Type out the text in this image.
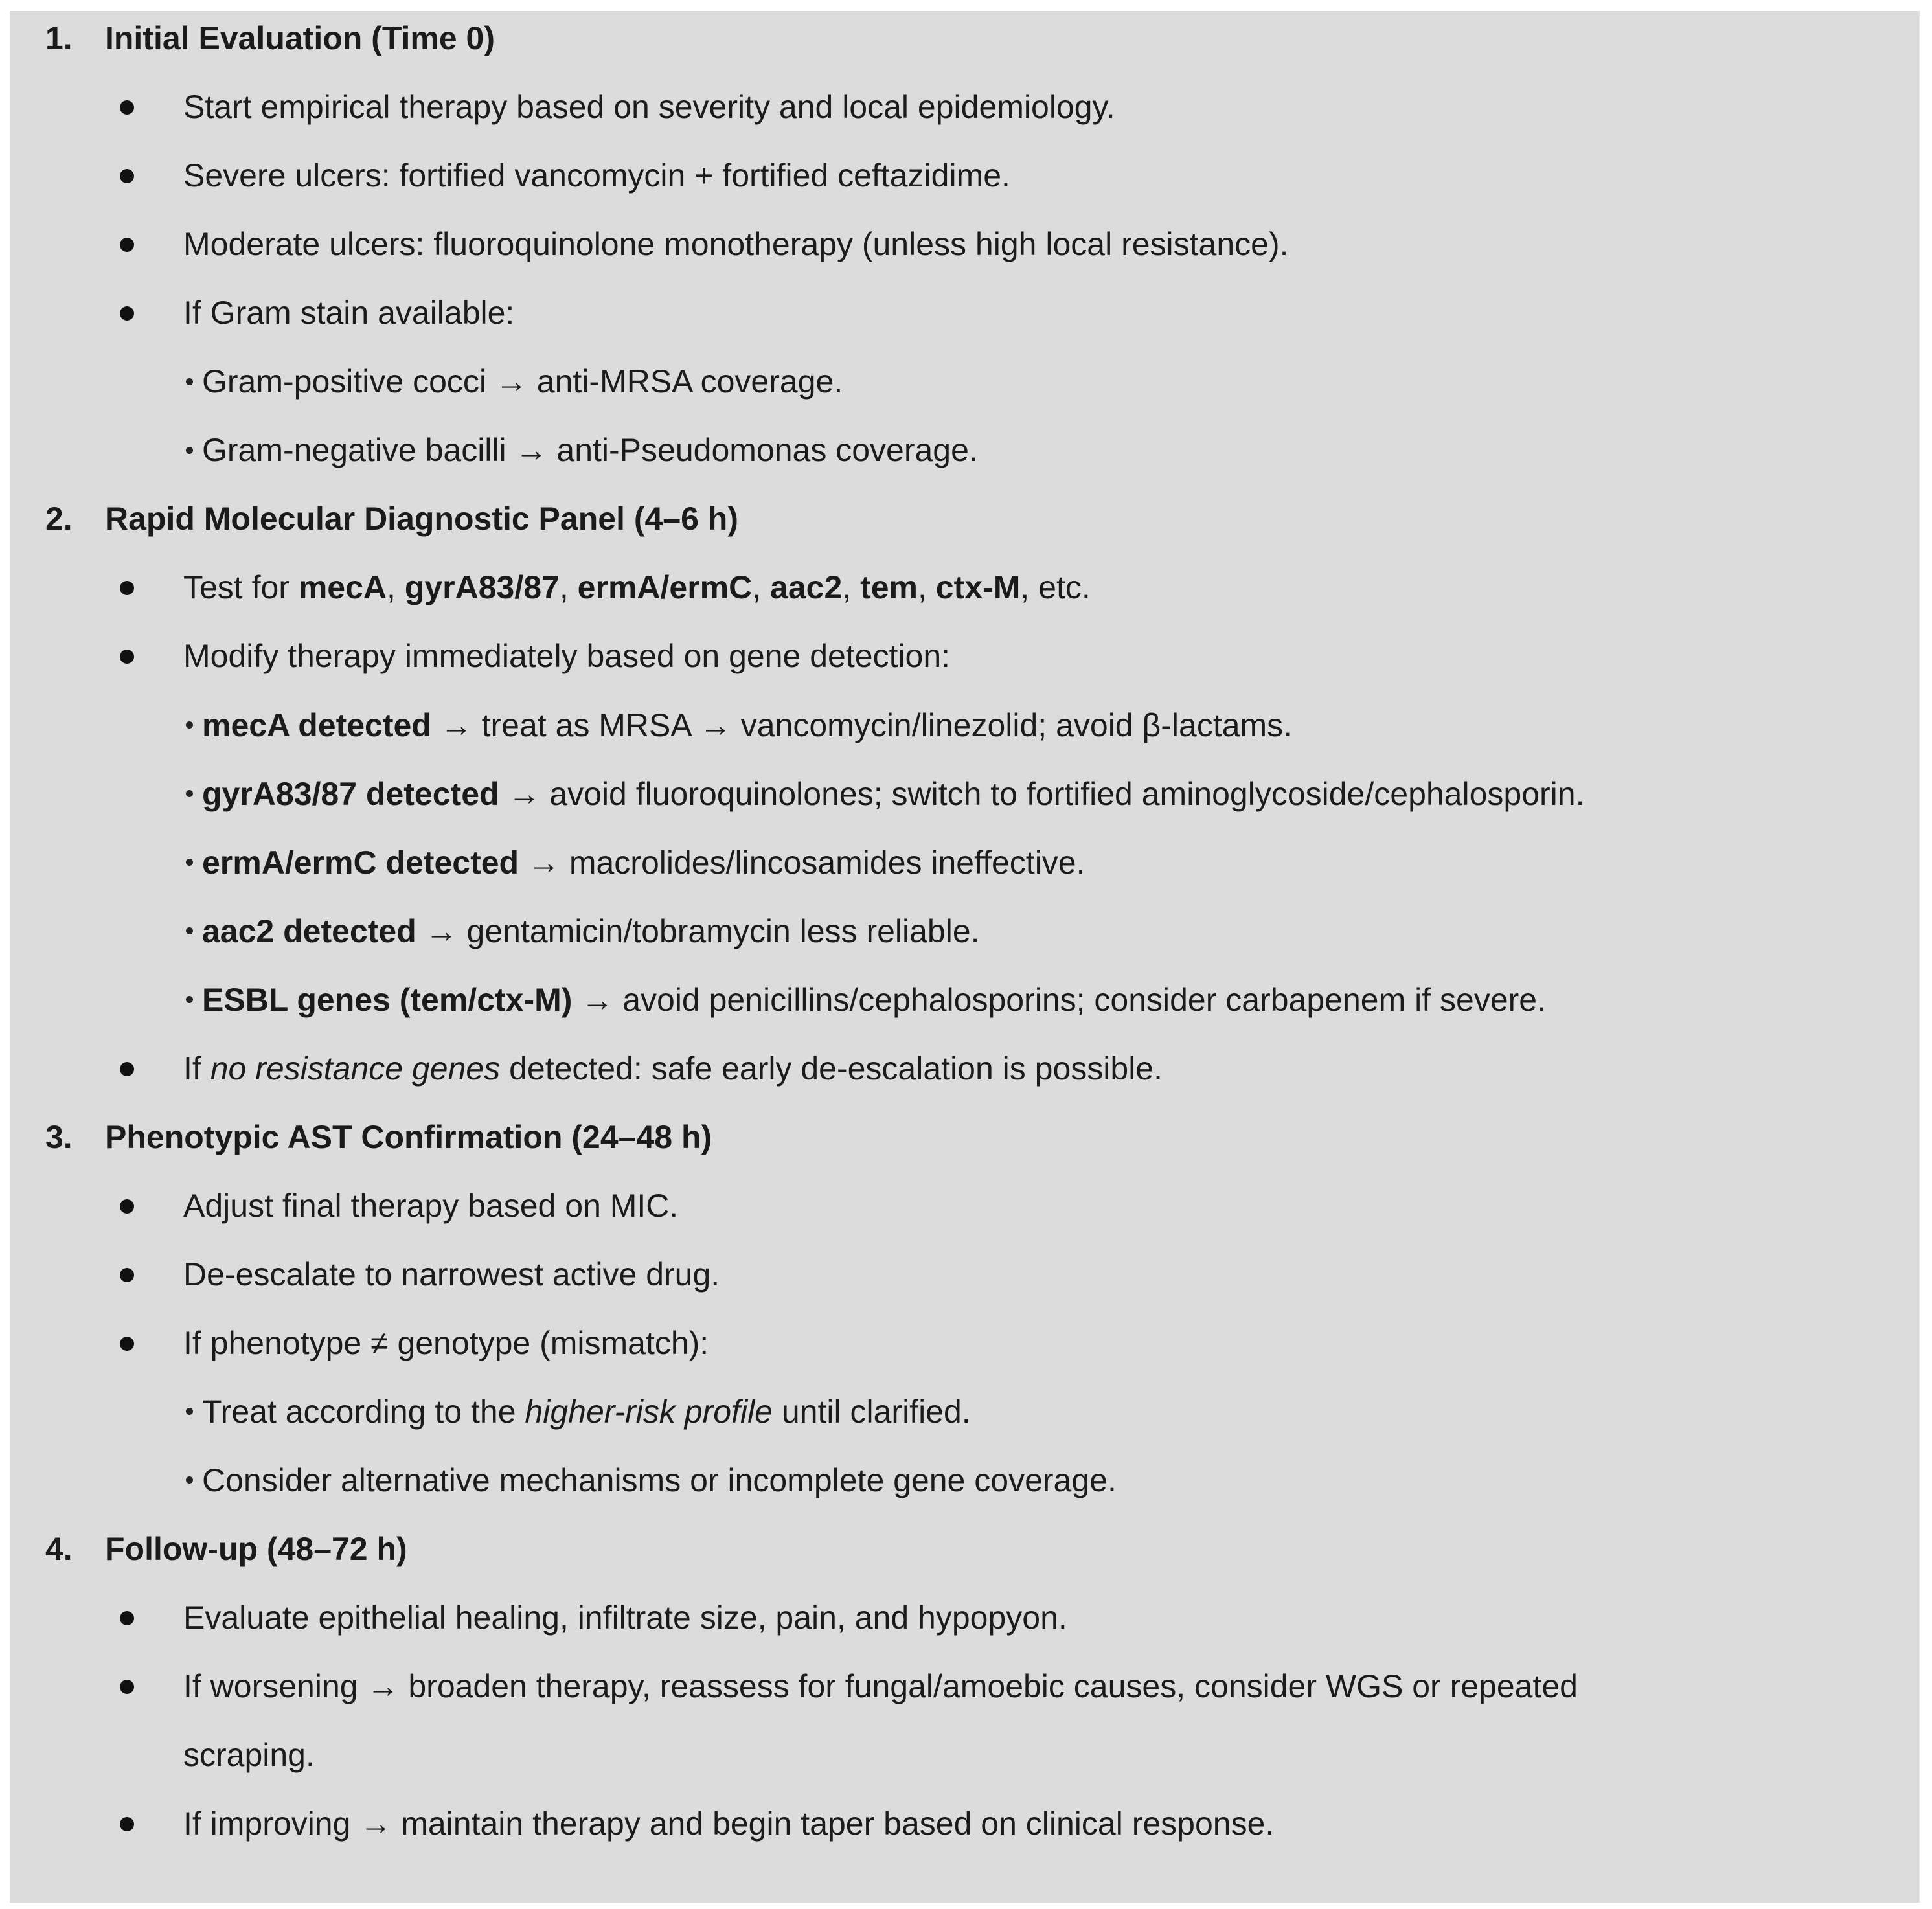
1. Initial Evaluation (Time 0)
Start empirical therapy based on severity and local epidemiology.
Severe ulcers: fortified vancomycin + fortified ceftazidime.
Moderate ulcers: fluoroquinolone monotherapy (unless high local resistance).
If Gram stain available:
Gram-positive cocci → anti-MRSA coverage.
Gram-negative bacilli → anti-Pseudomonas coverage.
2. Rapid Molecular Diagnostic Panel (4–6 h)
Test for mecA, gyrA83/87, ermA/ermC, aac2, tem, ctx-M, etc.
Modify therapy immediately based on gene detection:
mecA detected → treat as MRSA → vancomycin/linezolid; avoid β-lactams.
gyrA83/87 detected → avoid fluoroquinolones; switch to fortified aminoglycoside/cephalosporin.
ermA/ermC detected → macrolides/lincosamides ineffective.
aac2 detected → gentamicin/tobramycin less reliable.
ESBL genes (tem/ctx-M) → avoid penicillins/cephalosporins; consider carbapenem if severe.
If no resistance genes detected: safe early de-escalation is possible.
3. Phenotypic AST Confirmation (24–48 h)
Adjust final therapy based on MIC.
De-escalate to narrowest active drug.
If phenotype ≠ genotype (mismatch):
Treat according to the higher-risk profile until clarified.
Consider alternative mechanisms or incomplete gene coverage.
4. Follow-up (48–72 h)
Evaluate epithelial healing, infiltrate size, pain, and hypopyon.
If worsening → broaden therapy, reassess for fungal/amoebic causes, consider WGS or repeated
scraping.
If improving → maintain therapy and begin taper based on clinical response.
